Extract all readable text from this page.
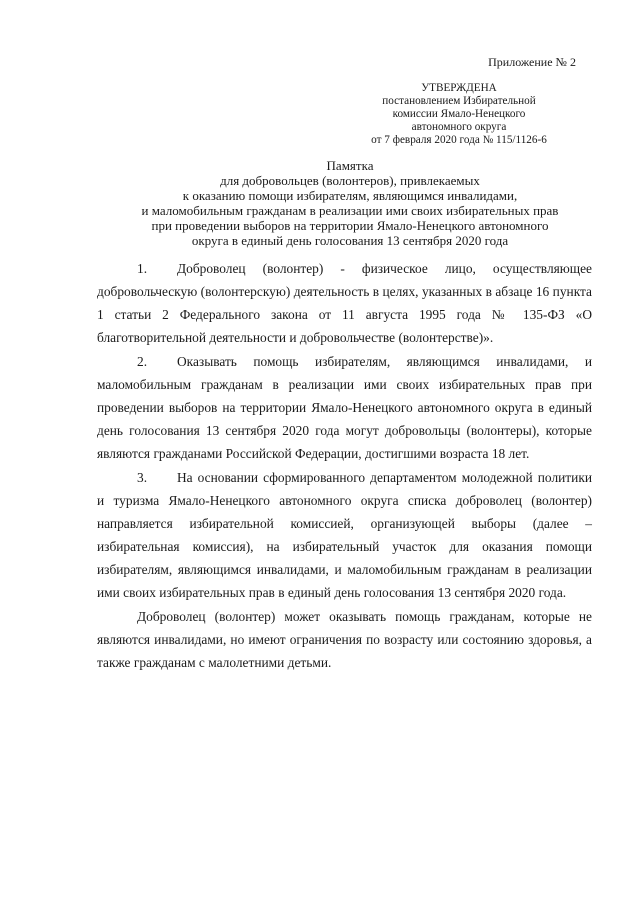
Приложение № 2
УТВЕРЖДЕНА
постановлением Избирательной
комиссии Ямало-Ненецкого
автономного округа
от 7 февраля 2020 года № 115/1126-6
Памятка
для добровольцев (волонтеров), привлекаемых
к оказанию помощи избирателям, являющимся инвалидами,
и маломобильным гражданам в реализации ими своих избирательных прав
при проведении выборов на территории Ямало-Ненецкого автономного
округа в единый день голосования 13 сентября 2020 года

1. Доброволец (волонтер) - физическое лицо, осуществляющее добровольческую (волонтерскую) деятельность в целях, указанных в абзаце 16 пункта 1 статьи 2 Федерального закона от 11 августа 1995 года № 135-ФЗ «О благотворительной деятельности и добровольчестве (волонтерстве)».

2. Оказывать помощь избирателям, являющимся инвалидами, и маломобильным гражданам в реализации ими своих избирательных прав при проведении выборов на территории Ямало-Ненецкого автономного округа в единый день голосования 13 сентября 2020 года могут добровольцы (волонтеры), которые являются гражданами Российской Федерации, достигшими возраста 18 лет.

3. На основании сформированного департаментом молодежной политики и туризма Ямало-Ненецкого автономного округа списка доброволец (волонтер) направляется избирательной комиссией, организующей выборы (далее – избирательная комиссия), на избирательный участок для оказания помощи избирателям, являющимся инвалидами, и маломобильным гражданам в реализации ими своих избирательных прав в единый день голосования 13 сентября 2020 года.

Доброволец (волонтер) может оказывать помощь гражданам, которые не являются инвалидами, но имеют ограничения по возрасту или состоянию здоровья, а также гражданам с малолетними детьми.
